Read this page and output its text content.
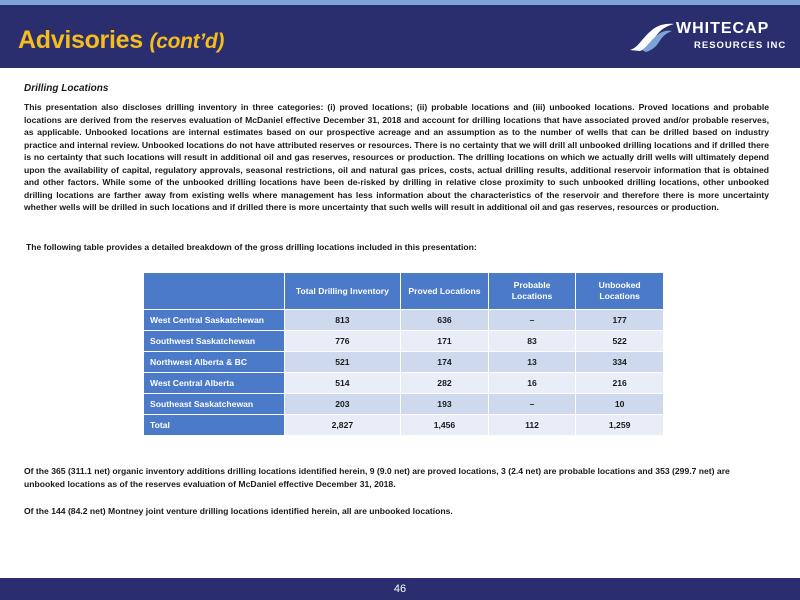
Advisories (cont’d)
WHITECAP
RESOURCES INC
Drilling Locations

This presentation also discloses drilling inventory in three categories: (i) proved locations; (ii) probable locations and (iii) unbooked locations. Proved locations and probable locations are derived from the reserves evaluation of McDaniel effective December 31, 2018 and account for drilling locations that have associated proved and/or probable reserves, as applicable. Unbooked locations are internal estimates based on our prospective acreage and an assumption as to the number of wells that can be drilled based on industry practice and internal review. Unbooked locations do not have attributed reserves or resources. There is no certainty that we will drill all unbooked drilling locations and if drilled there is no certainty that such locations will result in additional oil and gas reserves, resources or production. The drilling locations on which we actually drill wells will ultimately depend upon the availability of capital, regulatory approvals, seasonal restrictions, oil and natural gas prices, costs, actual drilling results, additional reservoir information that is obtained and other factors. While some of the unbooked drilling locations have been de-risked by drilling in relative close proximity to such unbooked drilling locations, other unbooked drilling locations are farther away from existing wells where management has less information about the characteristics of the reservoir and therefore there is more uncertainty whether wells will be drilled in such locations and if drilled there is more uncertainty that such wells will result in additional oil and gas reserves, resources or production.

The following table provides a detailed breakdown of the gross drilling locations included in this presentation:
	Total Drilling Inventory	Proved Locations	Probable Locations	Unbooked Locations
West Central Saskatchewan	813	636	–	177
Southwest Saskatchewan	776	171	83	522
Northwest Alberta & BC	521	174	13	334
West Central Alberta	514	282	16	216
Southeast Saskatchewan	203	193	–	10
Total	2,827	1,456	112	1,259

Of the 365 (311.1 net) organic inventory additions drilling locations identified herein, 9 (9.0 net) are proved locations, 3 (2.4 net) are probable locations and 353 (299.7 net) are unbooked locations as of the reserves evaluation of McDaniel effective December 31, 2018.

Of the 144 (84.2 net) Montney joint venture drilling locations identified herein, all are unbooked locations.
46
